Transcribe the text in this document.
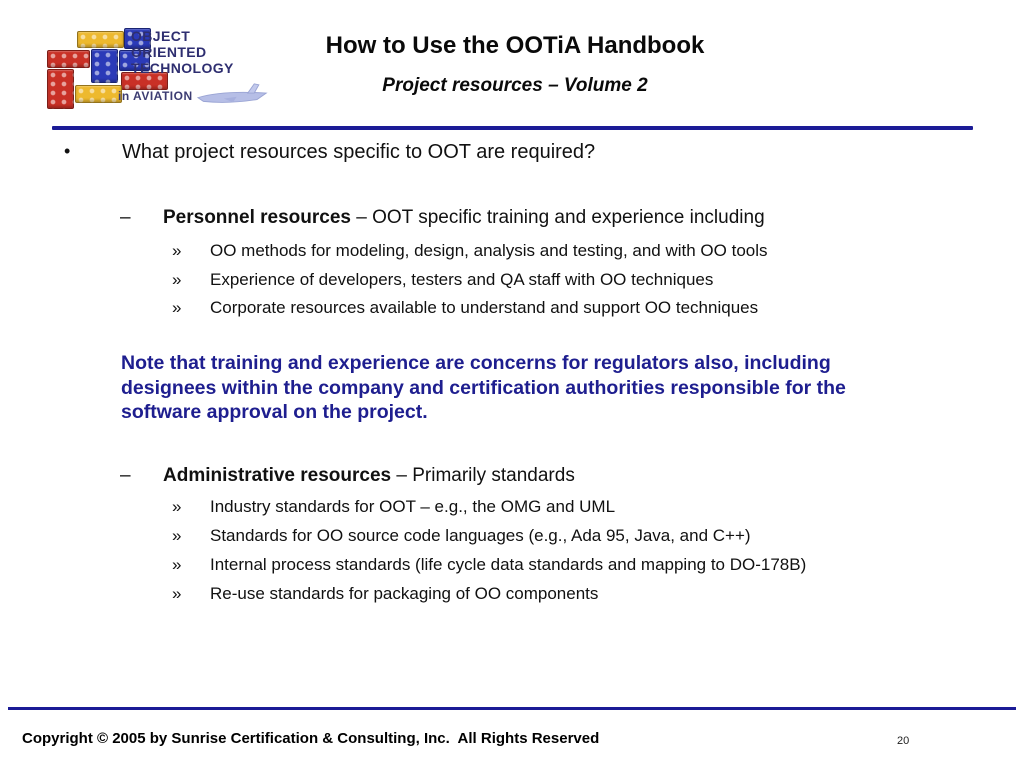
OBJECT
ORIENTED
TECHNOLOGY
in AVIATION
How to Use the OOTiA Handbook
Project resources – Volume 2
•	What project resources specific to OOT are required?
– Personnel resources – OOT specific training and experience including
» OO methods for modeling, design, analysis and testing, and with OO tools
» Experience of developers, testers and QA staff with OO techniques
» Corporate resources available to understand and support OO techniques
Note that training and experience are concerns for regulators also, including designees within the company and certification authorities responsible for the software approval on the project.
– Administrative resources – Primarily standards
» Industry standards for OOT – e.g., the OMG and UML
» Standards for OO source code languages (e.g., Ada 95, Java, and C++)
» Internal process standards (life cycle data standards and mapping to DO-178B)
» Re-use standards for packaging of OO components
Copyright © 2005 by Sunrise Certification & Consulting, Inc.  All Rights Reserved	20
